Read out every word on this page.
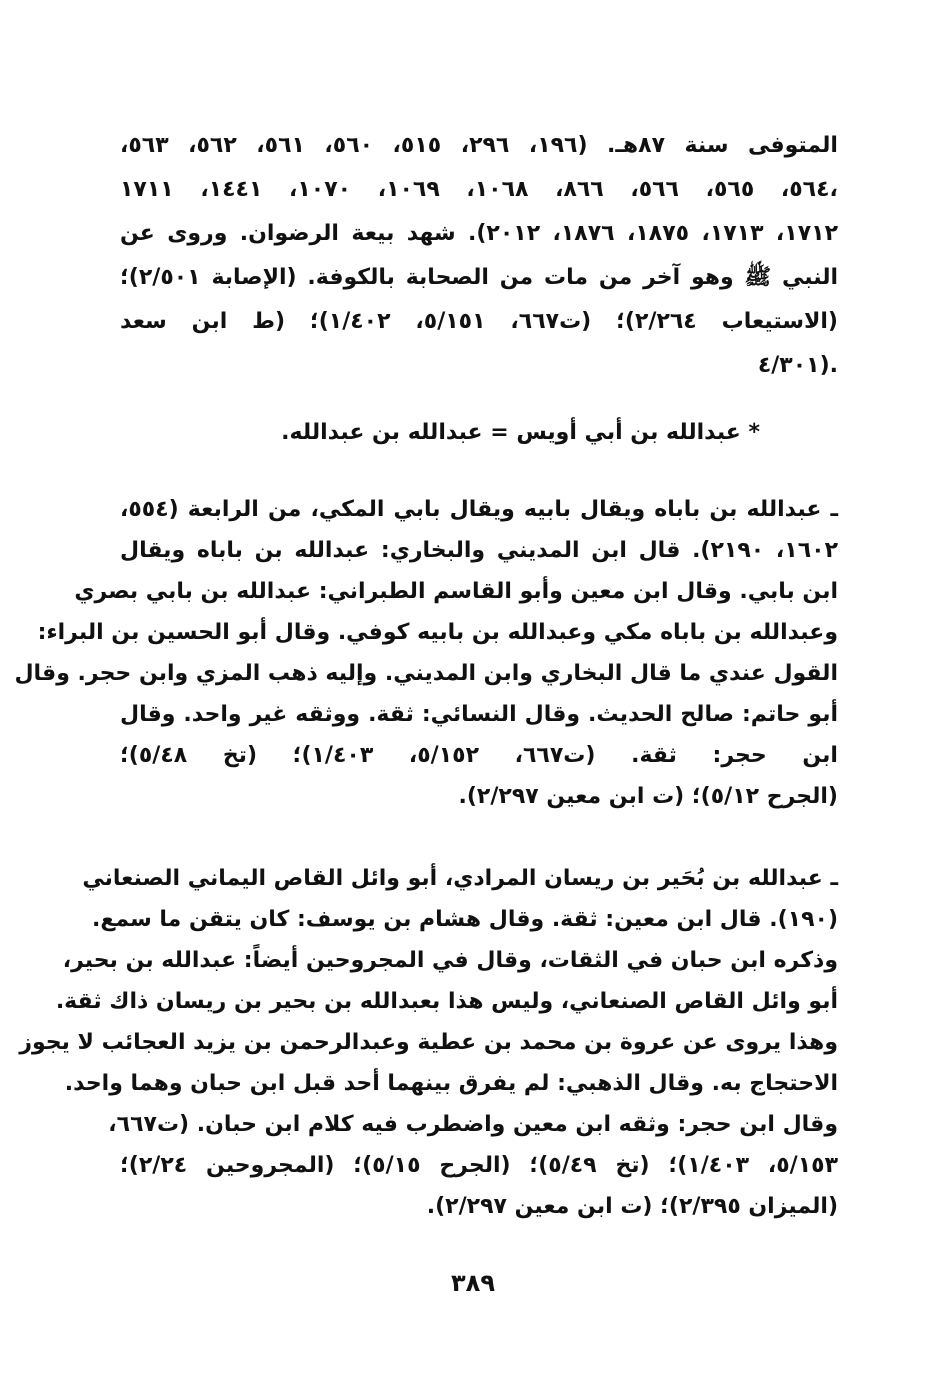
المتوفى سنة ٨٧هـ. (١٩٦، ٢٩٦، ٥١٥، ٥٦٠، ٥٦١، ٥٦٢، ٥٦٣،
٥٦٤، ٥٦٥، ٥٦٦، ٨٦٦، ١٠٦٨، ١٠٦٩، ١٠٧٠، ١٤٤١، ١٧١١،
١٧١٢، ١٧١٣، ١٨٧٥، ١٨٧٦، ٢٠١٢). شهد بيعة الرضوان. وروى عن
النبي ﷺ وهو آخر من مات من الصحابة بالكوفة. (الإصابة ٢/٥٠١)؛
(الاستيعاب ٢/٢٦٤)؛ (ت٦٦٧، ٥/١٥١، ١/٤٠٢)؛ (ط ابن سعد
٤/٣٠١).
* عبدالله بن أبي أويس = عبدالله بن عبدالله.
ـ عبدالله بن باباه ويقال بابيه ويقال بابي المكي، من الرابعة (٥٥٤،
١٦٠٢، ٢١٩٠). قال ابن المديني والبخاري: عبدالله بن باباه ويقال
ابن بابي. وقال ابن معين وأبو القاسم الطبراني: عبدالله بن بابي بصري
وعبدالله بن باباه مكي وعبدالله بن بابيه كوفي. وقال أبو الحسين بن البراء:
القول عندي ما قال البخاري وابن المديني. وإليه ذهب المزي وابن حجر. وقال
أبو حاتم: صالح الحديث. وقال النسائي: ثقة. ووثقه غير واحد. وقال
ابن حجر: ثقة. (ت٦٦٧، ٥/١٥٢، ١/٤٠٣)؛ (تخ ٥/٤٨)؛
(الجرح ٥/١٢)؛ (ت ابن معين ٢/٢٩٧).
ـ عبدالله بن بُحَير بن ريسان المرادي، أبو وائل القاص اليماني الصنعاني
(١٩٠). قال ابن معين: ثقة. وقال هشام بن يوسف: كان يتقن ما سمع.
وذكره ابن حبان في الثقات، وقال في المجروحين أيضاً: عبدالله بن بحير،
أبو وائل القاص الصنعاني، وليس هذا بعبدالله بن بحير بن ريسان ذاك ثقة.
وهذا يروى عن عروة بن محمد بن عطية وعبدالرحمن بن يزيد العجائب لا يجوز
الاحتجاج به. وقال الذهبي: لم يفرق بينهما أحد قبل ابن حبان وهما واحد.
وقال ابن حجر: وثقه ابن معين واضطرب فيه كلام ابن حبان. (ت٦٦٧،
٥/١٥٣، ١/٤٠٣)؛ (تخ ٥/٤٩)؛ (الجرح ٥/١٥)؛ (المجروحين ٢/٢٤)؛
(الميزان ٢/٣٩٥)؛ (ت ابن معين ٢/٢٩٧).
٣٨٩
